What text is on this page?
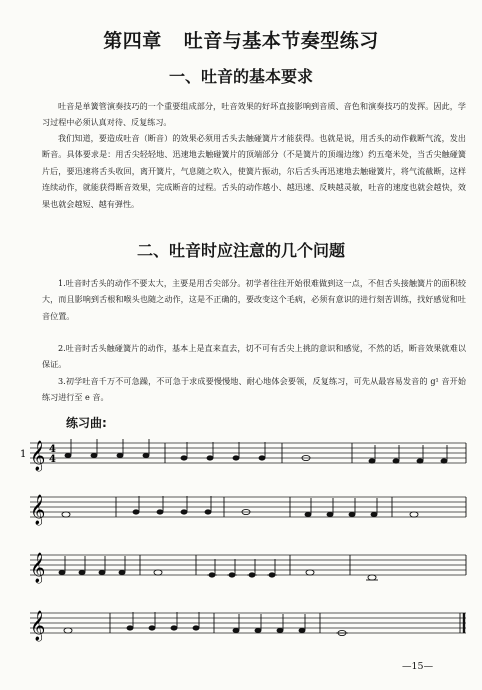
第四章 吐音与基本节奏型练习
一、吐音的基本要求

吐音是单簧管演奏技巧的一个重要组成部分，吐音效果的好坏直接影响到音质、音色和演奏技巧的发挥。因此，学习过程中必须认真对待、反复练习。

我们知道，要造成吐音（断音）的效果必须用舌头去触碰簧片才能获得。也就是说，用舌头的动作截断气流，发出断音。具体要求是：用舌尖轻轻地、迅速地去触碰簧片的顶端部分（不是簧片的顶端边缘）约五毫米处，当舌尖触碰簧片后，要迅速将舌头收回，离开簧片，气息随之吹入，使簧片振动，尔后舌头再迅速地去触碰簧片，将气流截断，这样连续动作，就能获得断音效果，完成断音的过程。舌头的动作越小、越迅速、反映越灵敏，吐音的速度也就会越快，效果也就会越短、越有弹性。

二、吐音时应注意的几个问题

1.吐音时舌头的动作不要太大，主要是用舌尖部分。初学者往往开始很难做到这一点，不但舌头接触簧片的面积较大，而且影响到舌根和喉头也随之动作，这是不正确的，要改变这个毛病，必须有意识的进行刻苦训练，找好感觉和吐音位置。

2.吐音时舌头触碰簧片的动作，基本上是直来直去，切不可有舌尖上挑的意识和感觉，不然的话，断音效果就难以保证。

3.初学吐音千万不可急躁，不可急于求成要慢慢地、耐心地体会要领，反复练习，可先从最容易发音的 g¹ 音开始练习进行至 e 音。

练习曲:
1 𝄞 4
4
𝄞
𝄞
𝄞
—15—
